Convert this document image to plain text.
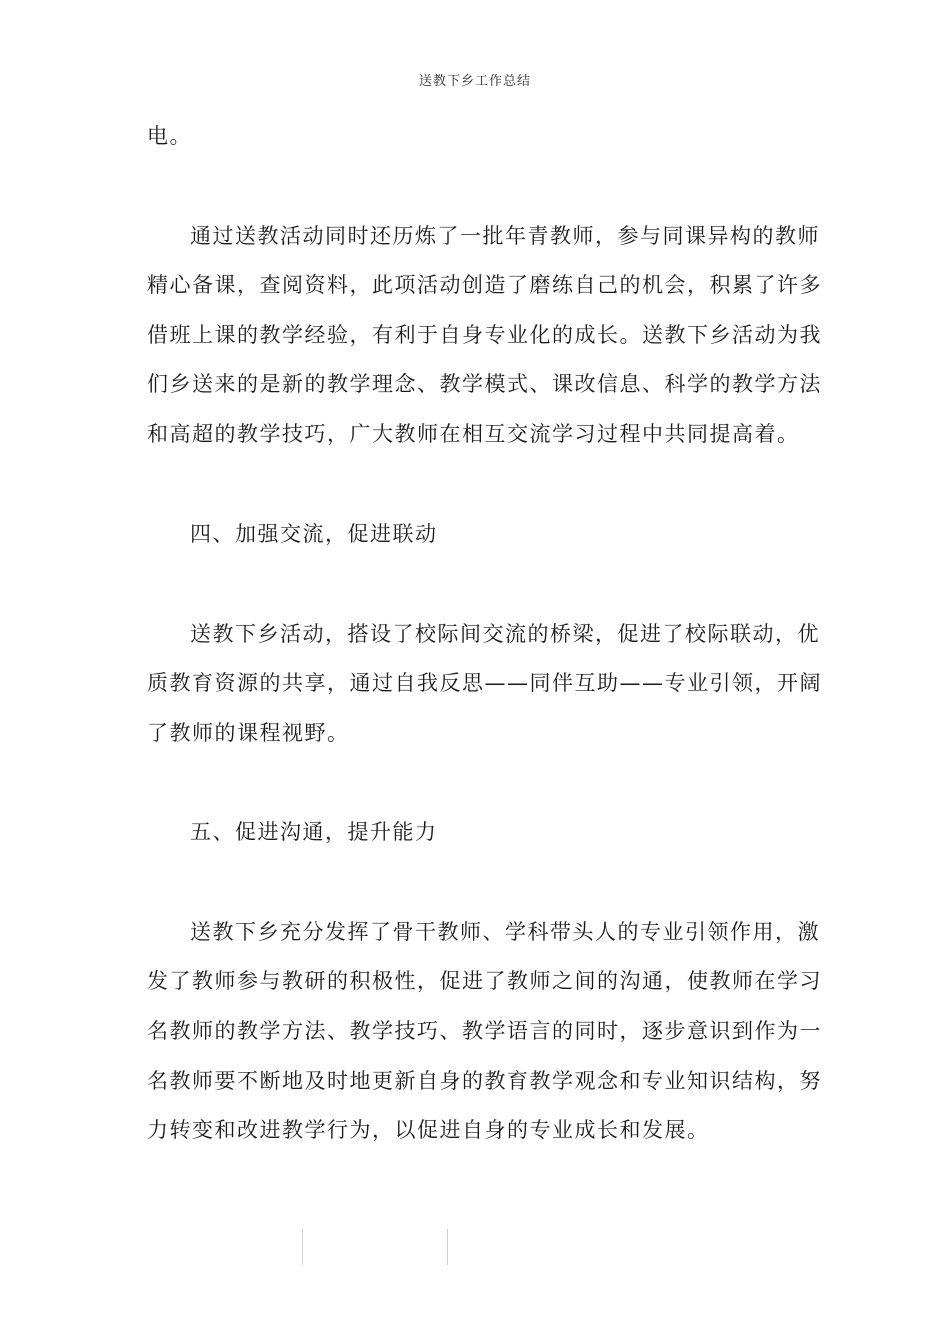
送教下乡工作总结
电。
通过送教活动同时还历炼了一批年青教师，参与同课异构的教师
精心备课，查阅资料，此项活动创造了磨练自己的机会，积累了许多
借班上课的教学经验，有利于自身专业化的成长。送教下乡活动为我
们乡送来的是新的教学理念、教学模式、课改信息、科学的教学方法
和高超的教学技巧，广大教师在相互交流学习过程中共同提高着。
四、加强交流，促进联动
送教下乡活动，搭设了校际间交流的桥梁，促进了校际联动，优
质教育资源的共享，通过自我反思——同伴互助——专业引领，开阔
了教师的课程视野。
五、促进沟通，提升能力
送教下乡充分发挥了骨干教师、学科带头人的专业引领作用，激
发了教师参与教研的积极性，促进了教师之间的沟通，使教师在学习
名教师的教学方法、教学技巧、教学语言的同时，逐步意识到作为一
名教师要不断地及时地更新自身的教育教学观念和专业知识结构，努
力转变和改进教学行为，以促进自身的专业成长和发展。
